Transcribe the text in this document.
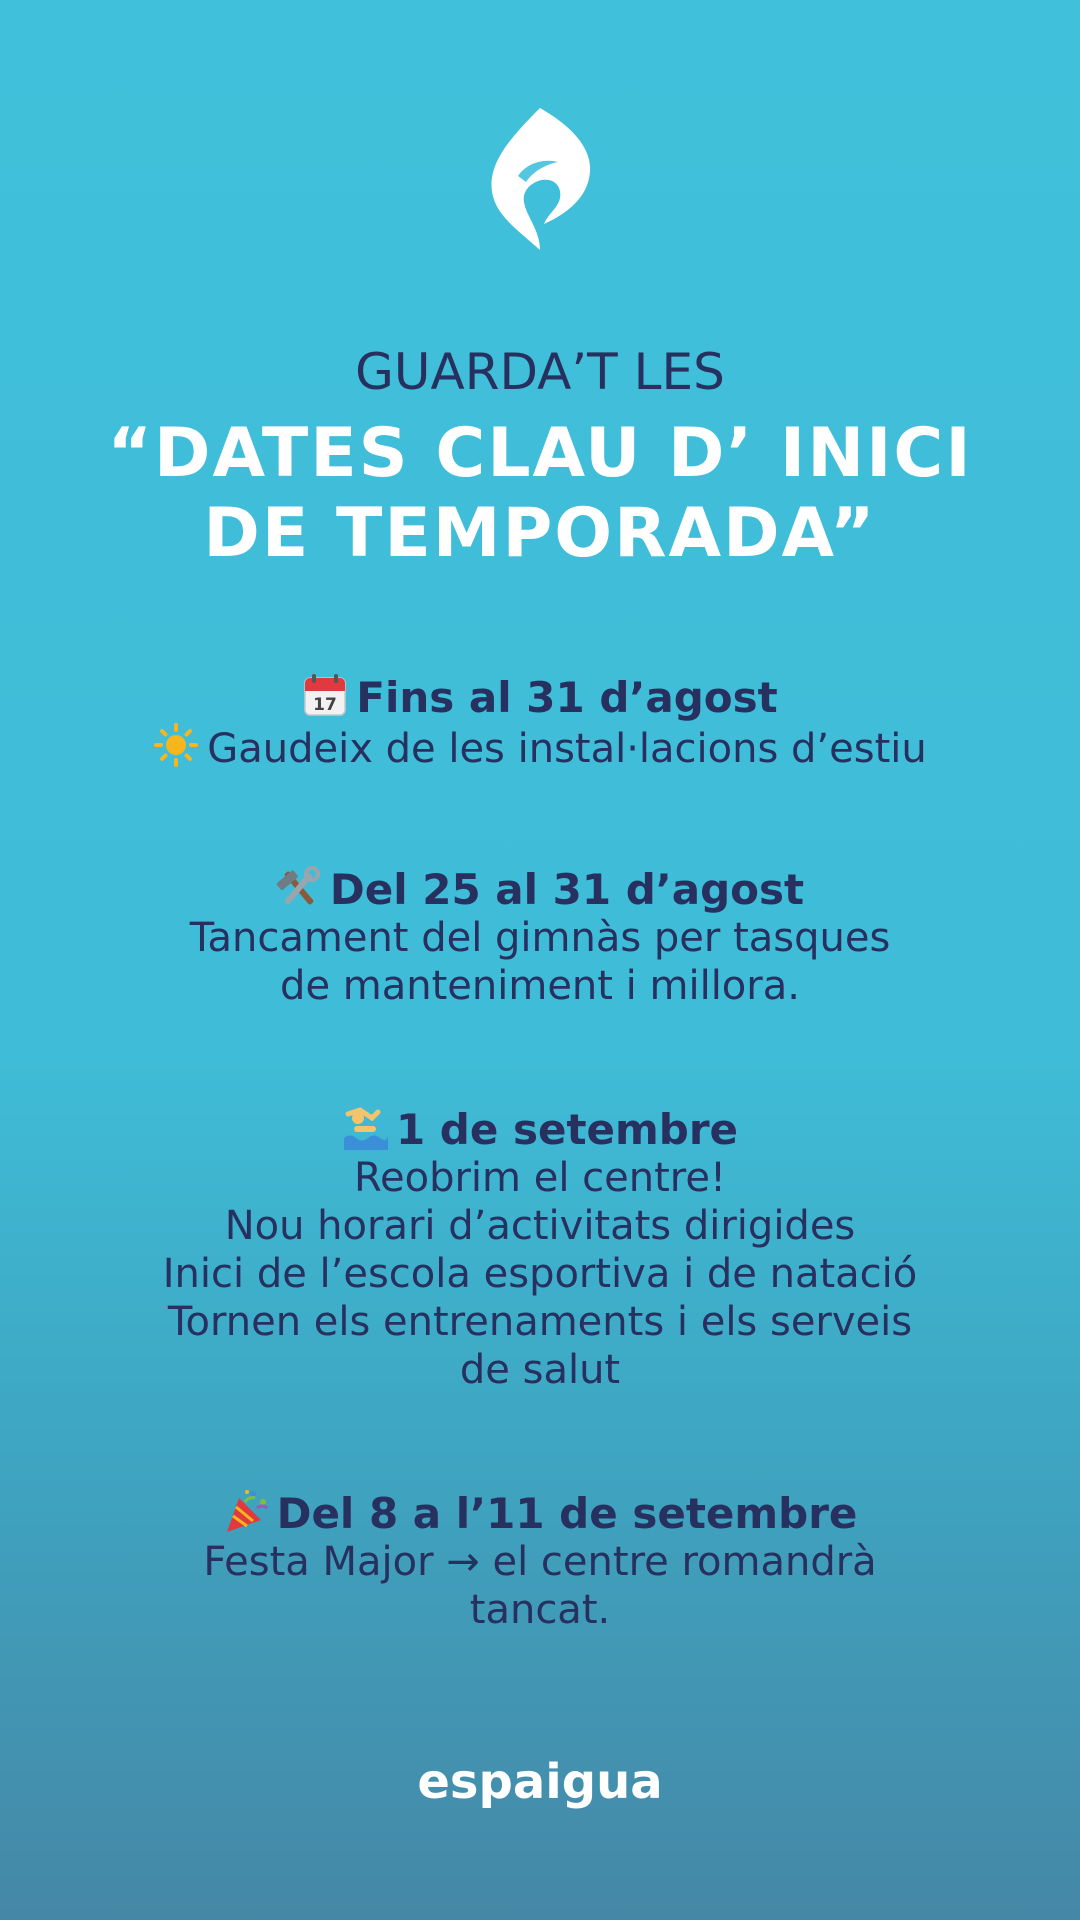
GUARDA’T LES
“DATES CLAU D’ INICI
DE TEMPORADA”
17 Fins al 31 d’agost
Gaudeix de les instal·lacions d’estiu
Del 25 al 31 d’agost
Tancament del gimnàs per tasques
de manteniment i millora.
1 de setembre
Reobrim el centre!
Nou horari d’activitats dirigides
Inici de l’escola esportiva i de natació
Tornen els entrenaments i els serveis
de salut
Del 8 a l’11 de setembre
Festa Major → el centre romandrà
tancat.
espaigua
